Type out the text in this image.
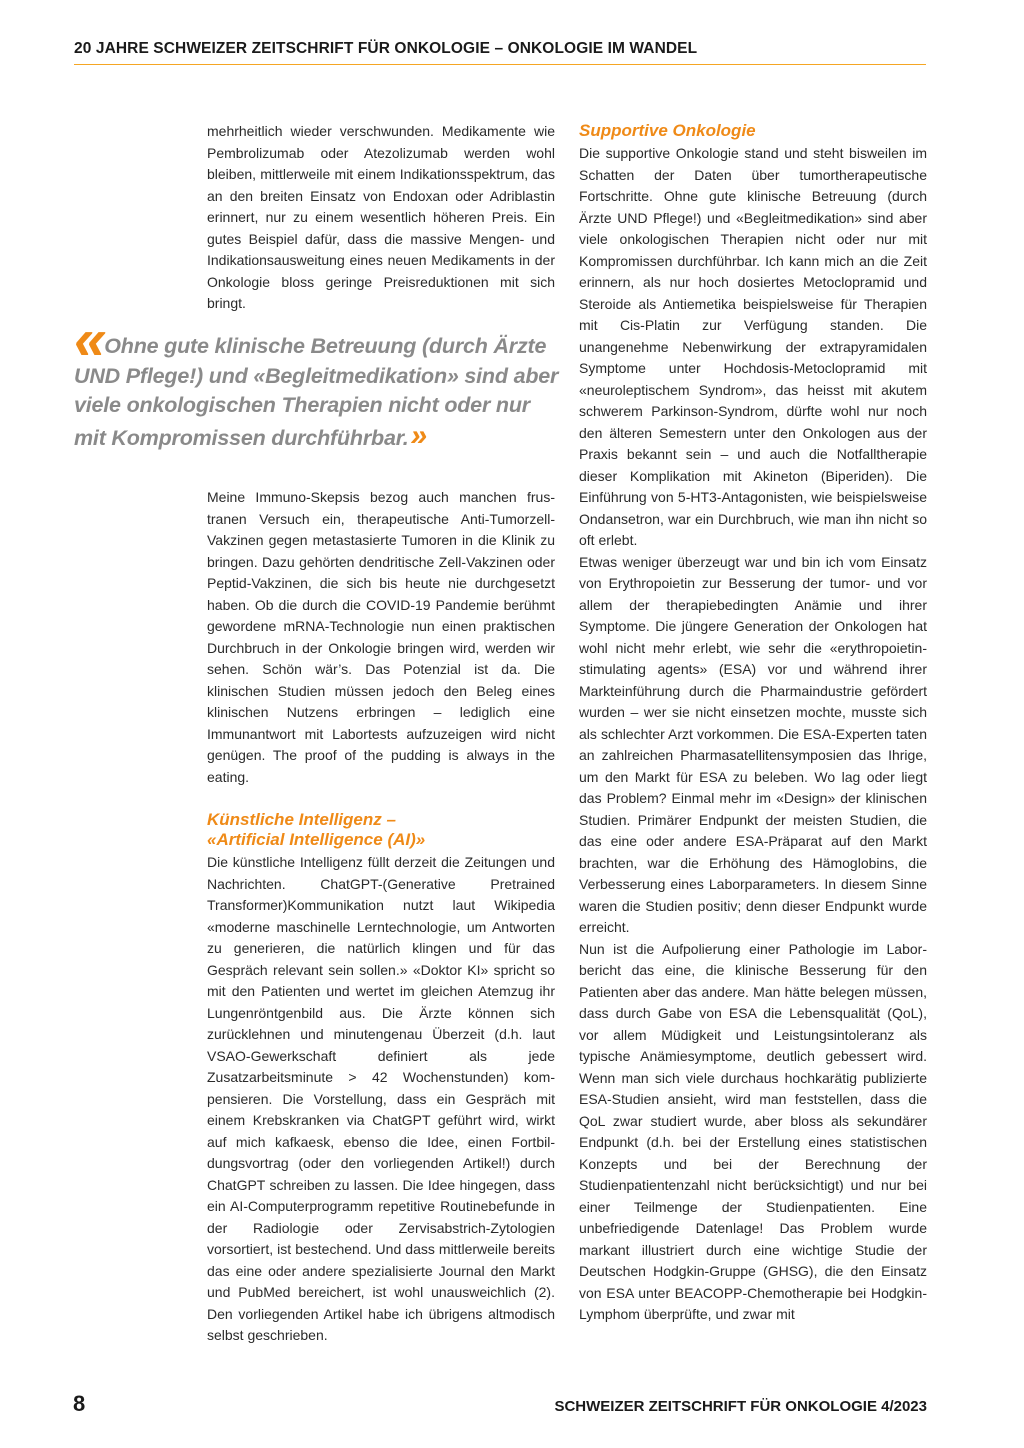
20 JAHRE SCHWEIZER ZEITSCHRIFT FÜR ONKOLOGIE – ONKOLOGIE IM WANDEL

mehrheitlich wieder verschwunden. Medikamente wie Pembrolizumab oder Atezolizumab werden wohl bleiben, mittlerweile mit einem Indikationsspektrum, das an den breiten Einsatz von Endoxan oder Adriblastin erinnert, nur zu einem wesentlich höheren Preis. Ein gutes Beispiel dafür, dass die massive Mengen- und Indikationsausweitung eines neuen Medikaments in der Onkologie bloss geringe Preisreduktionen mit sich bringt.

« Ohne gute klinische Betreuung (durch Ärzte UND Pflege!) und «Begleitmedikation» sind aber viele onkologischen Therapien nicht oder nur mit Kompromissen durchführbar.»

Meine Immuno-Skepsis bezog auch manchen frustranen Versuch ein, therapeutische Anti-Tumorzell-Vakzinen gegen metastasierte Tumoren in die Klinik zu bringen. Dazu gehörten dendritische Zell-Vakzinen oder Peptid-Vakzinen, die sich bis heute nie durchgesetzt haben. Ob die durch die COVID-19 Pandemie berühmt gewordene mRNA-Technologie nun einen praktischen Durchbruch in der Onkologie bringen wird, werden wir sehen. Schön wär’s. Das Potenzial ist da. Die klinischen Studien müssen jedoch den Beleg eines klinischen Nutzens erbringen – lediglich eine Immunantwort mit Labortests aufzuzeigen wird nicht genügen. The proof of the pudding is always in the eating.

Künstliche Intelligenz –
«Artificial Intelligence (AI)»

Die künstliche Intelligenz füllt derzeit die Zeitungen und Nachrichten. ChatGPT-(Generative Pretrained Transformer)Kommunikation nutzt laut Wikipedia «moderne maschinelle Lerntechnologie, um Antworten zu generieren, die natürlich klingen und für das Gespräch relevant sein sollen.» «Doktor KI» spricht so mit den Patienten und wertet im gleichen Atemzug ihr Lungenröntgenbild aus. Die Ärzte können sich zurücklehnen und minutengenau Überzeit (d.h. laut VSAO-Gewerkschaft definiert als jede Zusatzarbeitsminute > 42 Wochenstunden) kompensieren. Die Vorstellung, dass ein Gespräch mit einem Krebskranken via ChatGPT geführt wird, wirkt auf mich kafkaesk, ebenso die Idee, einen Fortbildungsvortrag (oder den vorliegenden Artikel!) durch ChatGPT schreiben zu lassen. Die Idee hingegen, dass ein AI-Computerprogramm repetitive Routinebefunde in der Radiologie oder Zervisabstrich-Zytologien vorsortiert, ist bestechend. Und dass mittlerweile bereits das eine oder andere spezialisierte Journal den Markt und PubMed bereichert, ist wohl unausweichlich (2). Den vorliegenden Artikel habe ich übrigens altmodisch selbst geschrieben.

Supportive Onkologie

Die supportive Onkologie stand und steht bisweilen im Schatten der Daten über tumortherapeutische Fortschritte. Ohne gute klinische Betreuung (durch Ärzte UND Pflege!) und «Begleitmedikation» sind aber viele onkologischen Therapien nicht oder nur mit Kompromissen durchführbar. Ich kann mich an die Zeit erinnern, als nur hoch dosiertes Metoclopramid und Steroide als Antiemetika beispielsweise für Therapien mit Cis-Platin zur Verfügung standen. Die unangenehme Nebenwirkung der extrapyramidalen Symptome unter Hochdosis-Metoclopramid mit «neuroleptischem Syndrom», das heisst mit akutem schwerem Parkinson-Syndrom, dürfte wohl nur noch den älteren Semestern unter den Onkologen aus der Praxis bekannt sein – und auch die Notfalltherapie dieser Komplikation mit Akineton (Biperiden). Die Einführung von 5-HT3-Antagonisten, wie beispielsweise Ondansetron, war ein Durchbruch, wie man ihn nicht so oft erlebt.

Etwas weniger überzeugt war und bin ich vom Einsatz von Erythropoietin zur Besserung der tumor- und vor allem der therapiebedingten Anämie und ihrer Symptome. Die jüngere Generation der Onkologen hat wohl nicht mehr erlebt, wie sehr die «erythropoietin-stimulating agents» (ESA) vor und während ihrer Markteinführung durch die Pharmaindustrie gefördert wurden – wer sie nicht einsetzen mochte, musste sich als schlechter Arzt vorkommen. Die ESA-Experten taten an zahlreichen Pharmasatellitensymposien das Ihrige, um den Markt für ESA zu beleben. Wo lag oder liegt das Problem? Einmal mehr im «Design» der klinischen Studien. Primärer Endpunkt der meisten Studien, die das eine oder andere ESA-Präparat auf den Markt brachten, war die Erhöhung des Hämoglobins, die Verbesserung eines Laborparameters. In diesem Sinne waren die Studien positiv; denn dieser Endpunkt wurde erreicht.

Nun ist die Aufpolierung einer Pathologie im Laborbericht das eine, die klinische Besserung für den Patienten aber das andere. Man hätte belegen müssen, dass durch Gabe von ESA die Lebensqualität (QoL), vor allem Müdigkeit und Leistungsintoleranz als typische Anämiesymptome, deutlich gebessert wird. Wenn man sich viele durchaus hochkarätig publizierte ESA-Studien ansieht, wird man feststellen, dass die QoL zwar studiert wurde, aber bloss als sekundärer Endpunkt (d.h. bei der Erstellung eines statistischen Konzepts und bei der Berechnung der Studienpatientenzahl nicht berücksichtigt) und nur bei einer Teilmenge der Studienpatienten. Eine unbefriedigende Datenlage! Das Problem wurde markant illustriert durch eine wichtige Studie der Deutschen Hodgkin-Gruppe (GHSG), die den Einsatz von ESA unter BEACOPP-Chemotherapie bei Hodgkin-Lymphom überprüfte, und zwar mit

8	SCHWEIZER ZEITSCHRIFT FÜR ONKOLOGIE 4/2023
